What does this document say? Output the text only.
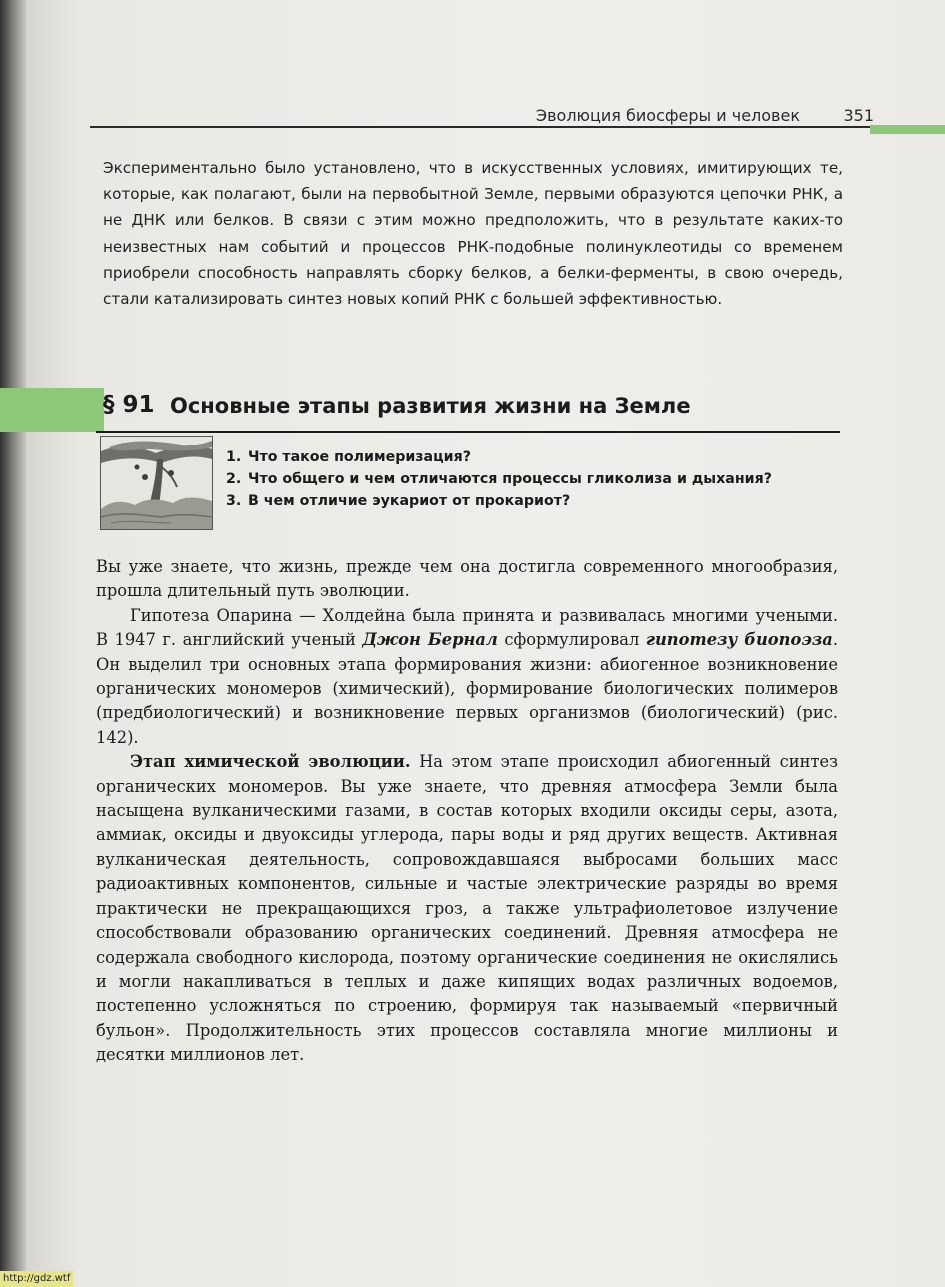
Эволюция биосферы и человек	351
Экспериментально было установлено, что в искусственных условиях, имитирующих те, которые, как полагают, были на первобытной Земле, первыми образуются цепочки РНК, а не ДНК или белков. В связи с этим можно предположить, что в результате каких-то неизвестных нам событий и процессов РНК-подобные полинуклеотиды со временем приобрели способность направлять сборку белков, а белки-ферменты, в свою очередь, стали катализировать синтез новых копий РНК с большей эффективностью.
§ 91 Основные этапы развития жизни на Земле
1. Что такое полимеризация?
2. Что общего и чем отличаются процессы гликолиза и дыхания?
3. В чем отличие эукариот от прокариот?

Вы уже знаете, что жизнь, прежде чем она достигла современного многообразия, прошла длительный путь эволюции.

Гипотеза Опарина — Холдейна была принята и развивалась многими учеными. В 1947 г. английский ученый Джон Бернал сформулировал гипотезу биопоэза. Он выделил три основных этапа формирования жизни: абиогенное возникновение органических мономеров (химический), формирование биологических полимеров (предбиологический) и возникновение первых организмов (биологический) (рис. 142).

Этап химической эволюции. На этом этапе происходил абиогенный синтез органических мономеров. Вы уже знаете, что древняя атмосфера Земли была насыщена вулканическими газами, в состав которых входили оксиды серы, азота, аммиак, оксиды и двуоксиды углерода, пары воды и ряд других веществ. Активная вулканическая деятельность, сопровождавшаяся выбросами больших масс радиоактивных компонентов, сильные и частые электрические разряды во время практически не прекращающихся гроз, а также ультрафиолетовое излучение способствовали образованию органических соединений. Древняя атмосфера не содержала свободного кислорода, поэтому органические соединения не окислялись и могли накапливаться в теплых и даже кипящих водах различных водоемов, постепенно усложняться по строению, формируя так называемый «первичный бульон». Продолжительность этих процессов составляла многие миллионы и десятки миллионов лет.

http://gdz.wtf
